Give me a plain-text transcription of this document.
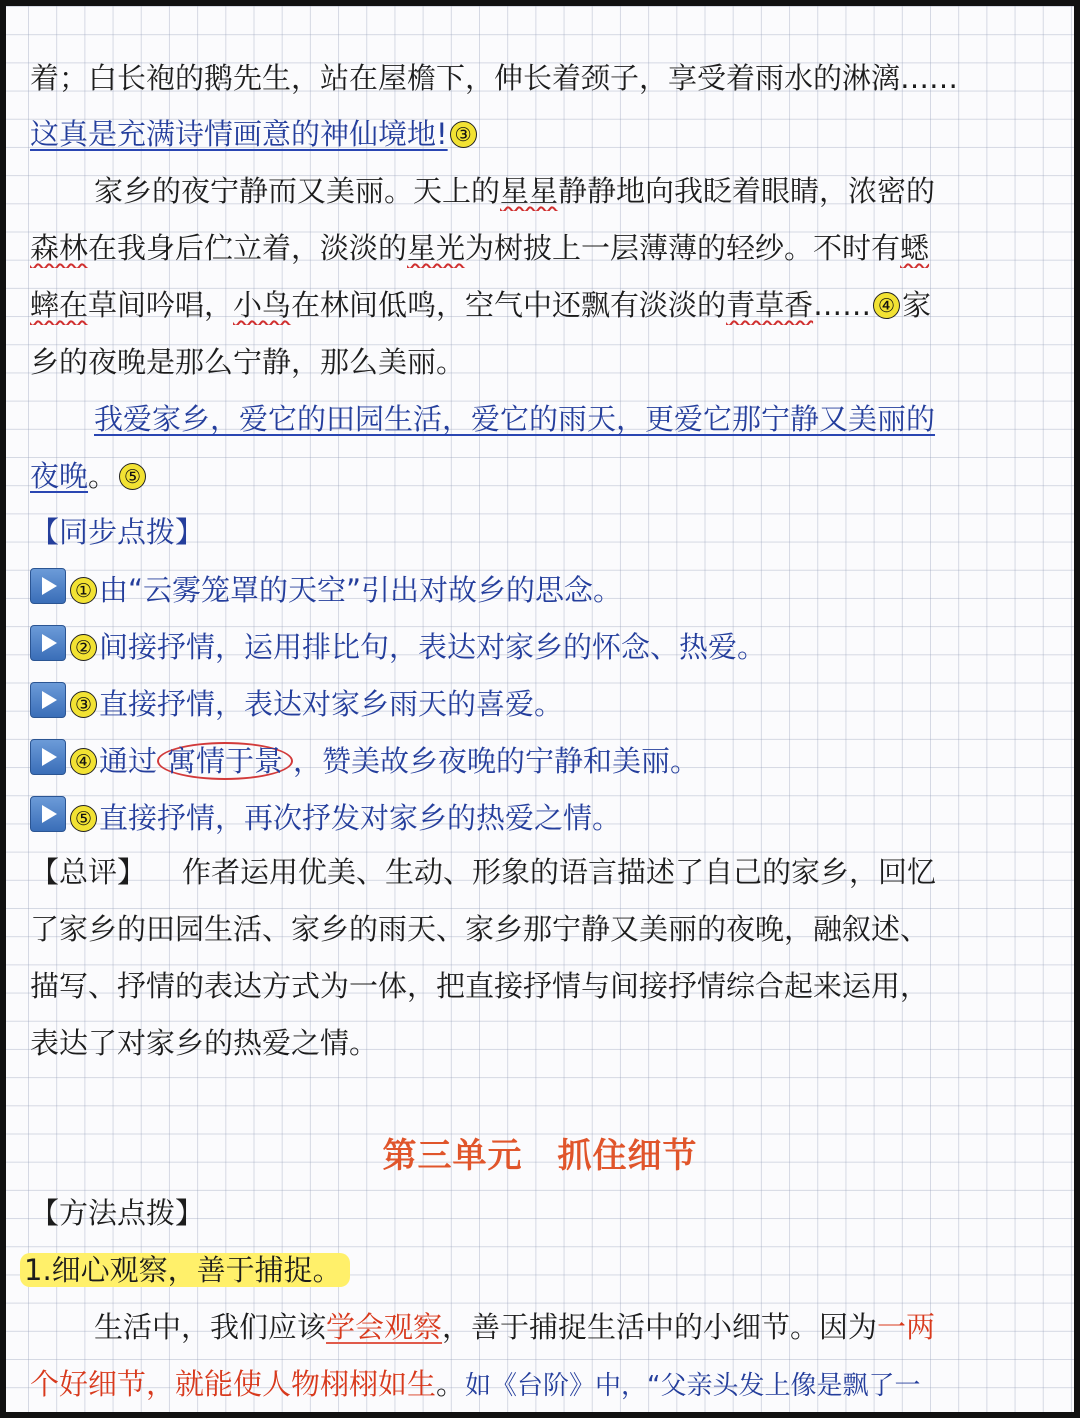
着；白长袍的鹅先生，站在屋檐下，伸长着颈子，享受着雨水的淋漓……
这真是充满诗情画意的神仙境地! ③
家乡的夜宁静而又美丽。天上的星星静静地向我眨着眼睛，浓密的
森林在我身后伫立着，淡淡的星光为树披上一层薄薄的轻纱。不时有蟋
蟀在草间吟唱，小鸟在林间低鸣，空气中还飘有淡淡的青草香…… ④ 家
乡的夜晚是那么宁静，那么美丽。
我爱家乡，爱它的田园生活，爱它的雨天，更爱它那宁静又美丽的
夜晚。 ⑤
【同步点拨】
① 由“云雾笼罩的天空”引出对故乡的思念。
② 间接抒情，运用排比句，表达对家乡的怀念、热爱。
③ 直接抒情，表达对家乡雨天的喜爱。
④ 通过 寓情于景 ，赞美故乡夜晚的宁静和美丽。
⑤ 直接抒情，再次抒发对家乡的热爱之情。
【总评】 作者运用优美、生动、形象的语言描述了自己的家乡，回忆
了家乡的田园生活、家乡的雨天、家乡那宁静又美丽的夜晚，融叙述、
描写、抒情的表达方式为一体，把直接抒情与间接抒情综合起来运用，
表达了对家乡的热爱之情。
第三单元　抓住细节
【方法点拨】
1.细心观察，善于捕捉。
生活中，我们应该学会观察，善于捕捉生活中的小细节。因为一两
个好细节，就能使人物栩栩如生。如《台阶》中，“父亲头发上像是飘了一
